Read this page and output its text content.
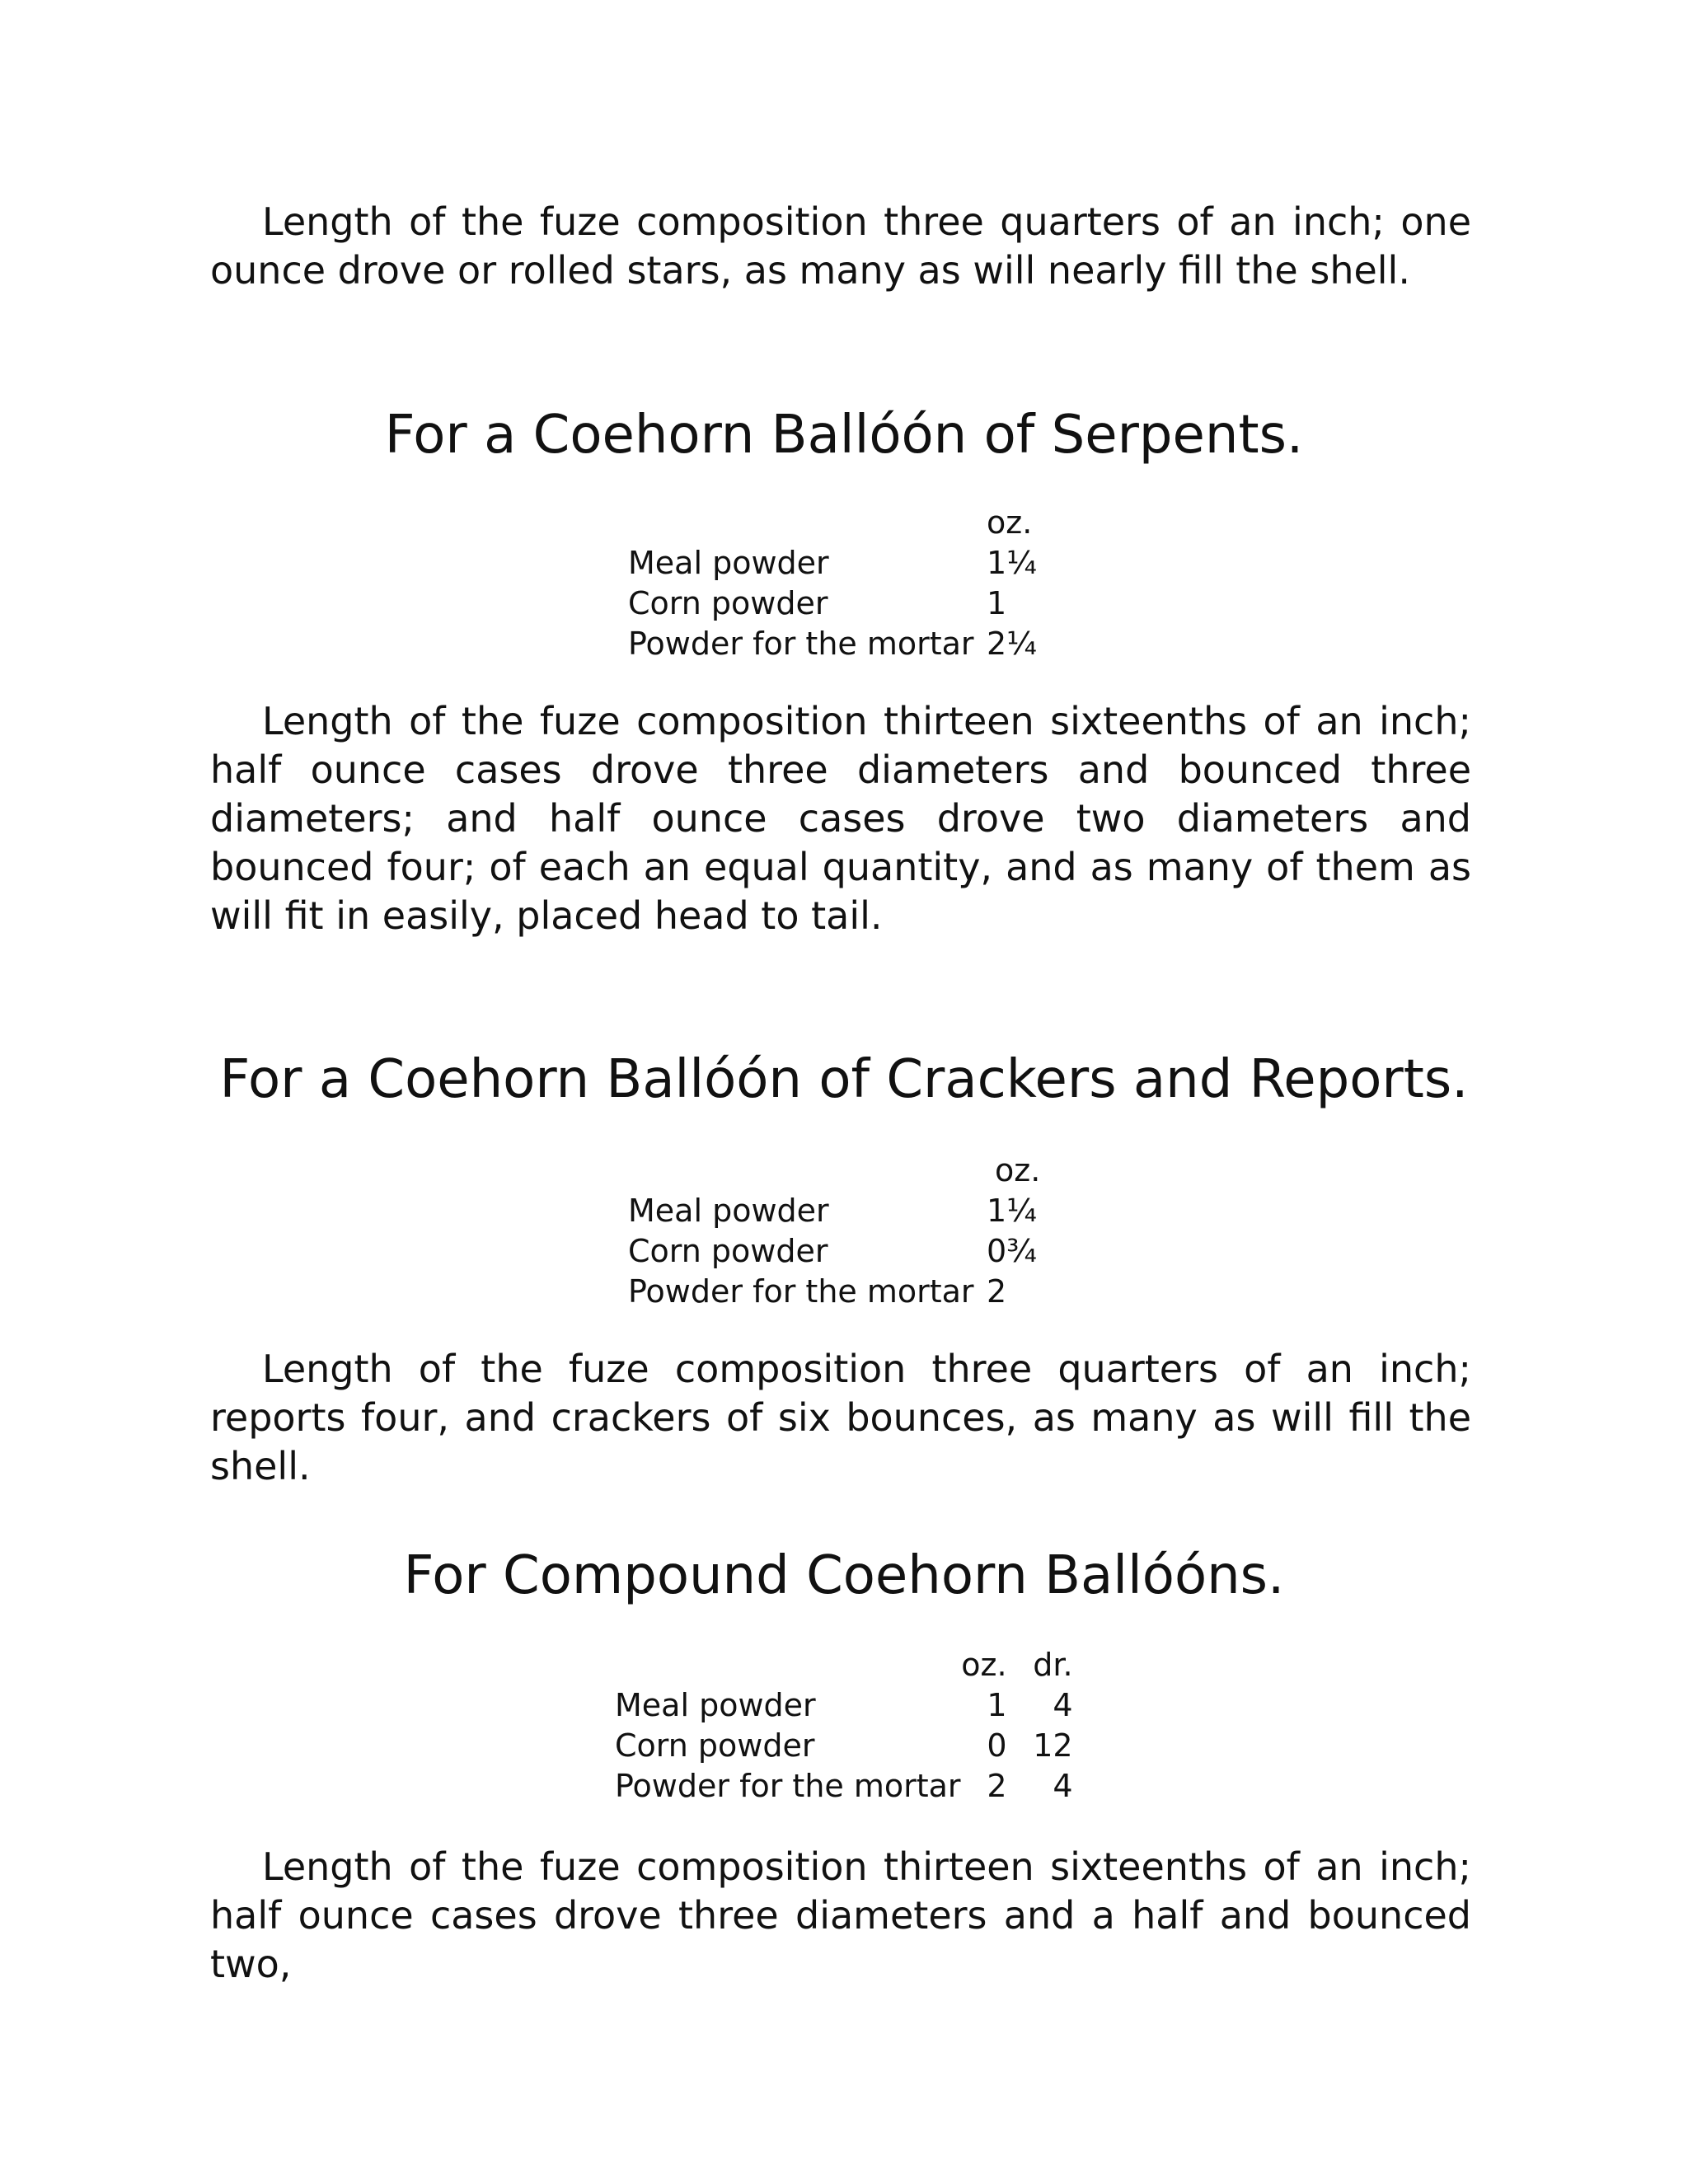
Length of the fuze composition three quarters of an inch; one ounce drove or rolled stars, as many as will nearly fill the shell.

For a Coehorn Ballóón of Serpents.
	oz.
Meal powder	1¼
Corn powder	1
Powder for the mortar	2¼

Length of the fuze composition thirteen sixteenths of an inch; half ounce cases drove three diameters and bounced three diameters; and half ounce cases drove two diameters and bounced four; of each an equal quantity, and as many of them as will fit in easily, placed head to tail.

For a Coehorn Ballóón of Crackers and Reports.
	oz.
Meal powder	1¼
Corn powder	0¾
Powder for the mortar	2

Length of the fuze composition three quarters of an inch; reports four, and crackers of six bounces, as many as will fill the shell.

For Compound Coehorn Ballóóns.
	oz.	dr.
Meal powder	1	4
Corn powder	0	12
Powder for the mortar	2	4

Length of the fuze composition thirteen sixteenths of an inch; half ounce cases drove three diameters and a half and bounced two,
